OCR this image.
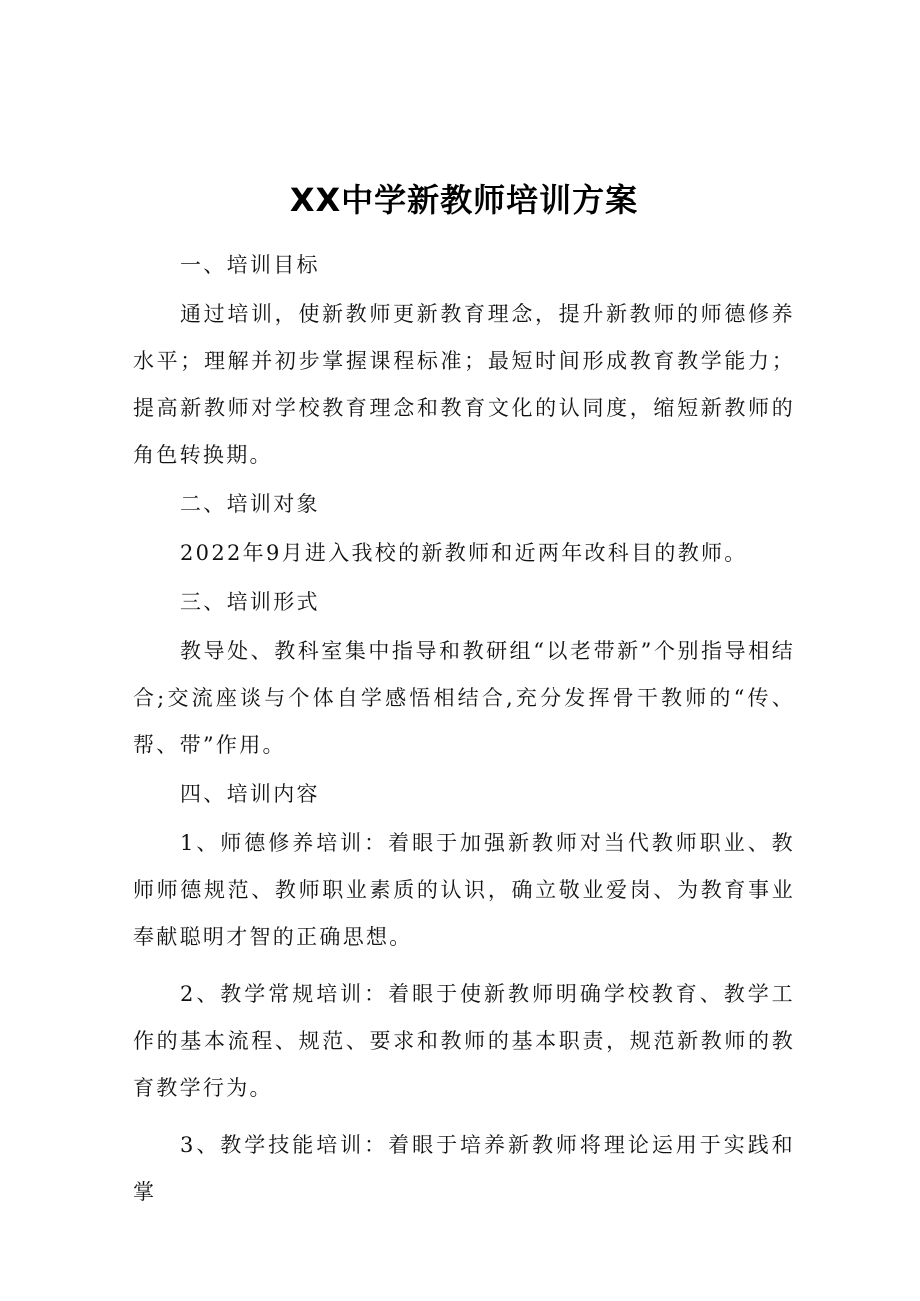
XX中学新教师培训方案

一、培训目标

通过培训，使新教师更新教育理念，提升新教师的师德修养水平；理解并初步掌握课程标准；最短时间形成教育教学能力；提高新教师对学校教育理念和教育文化的认同度，缩短新教师的角色转换期。

二、培训对象

2022年9月进入我校的新教师和近两年改科目的教师。

三、培训形式

教导处、教科室集中指导和教研组“以老带新”个别指导相结合;交流座谈与个体自学感悟相结合,充分发挥骨干教师的“传、帮、带”作用。

四、培训内容

1、师德修养培训：着眼于加强新教师对当代教师职业、教师师德规范、教师职业素质的认识，确立敬业爱岗、为教育事业奉献聪明才智的正确思想。

2、教学常规培训：着眼于使新教师明确学校教育、教学工作的基本流程、规范、要求和教师的基本职责，规范新教师的教育教学行为。

3、教学技能培训：着眼于培养新教师将理论运用于实践和掌
